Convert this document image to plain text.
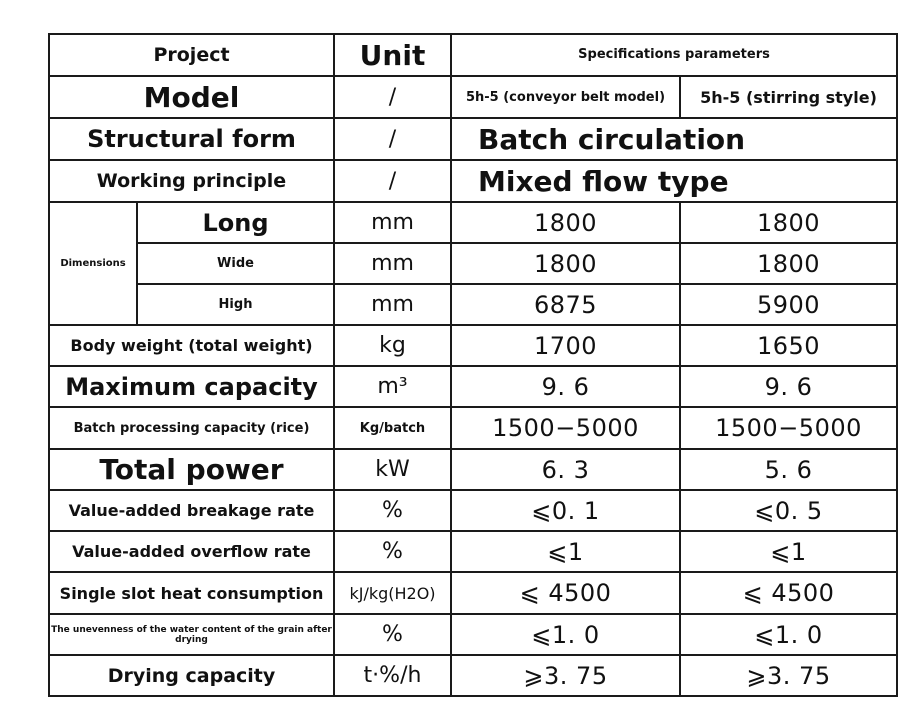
Project		Unit	Specifications parameters	
Model		/	5h-5 (conveyor belt model)	5h-5 (stirring style)
Structural form		/	Batch circulation	
Working principle		/	Mixed flow type	
Dimensions	Long	mm	1800	1800
	Wide	mm	1800	1800
	High	mm	6875	5900
Body weight (total weight)		kg	1700	1650
Maximum capacity		m³	9. 6	9. 6
Batch processing capacity (rice)		Kg/batch	1500−5000	1500−5000
Total power		kW	6. 3	5. 6
Value-added breakage rate		%	⩽0. 1	⩽0. 5
Value-added overflow rate		%	⩽1	⩽1
Single slot heat consumption		kJ/kg(H2O)	⩽ 4500	⩽ 4500
The unevenness of the water content of the grain after drying		%	⩽1. 0	⩽1. 0
Drying capacity		t·%/h	⩾3. 75	⩾3. 75
